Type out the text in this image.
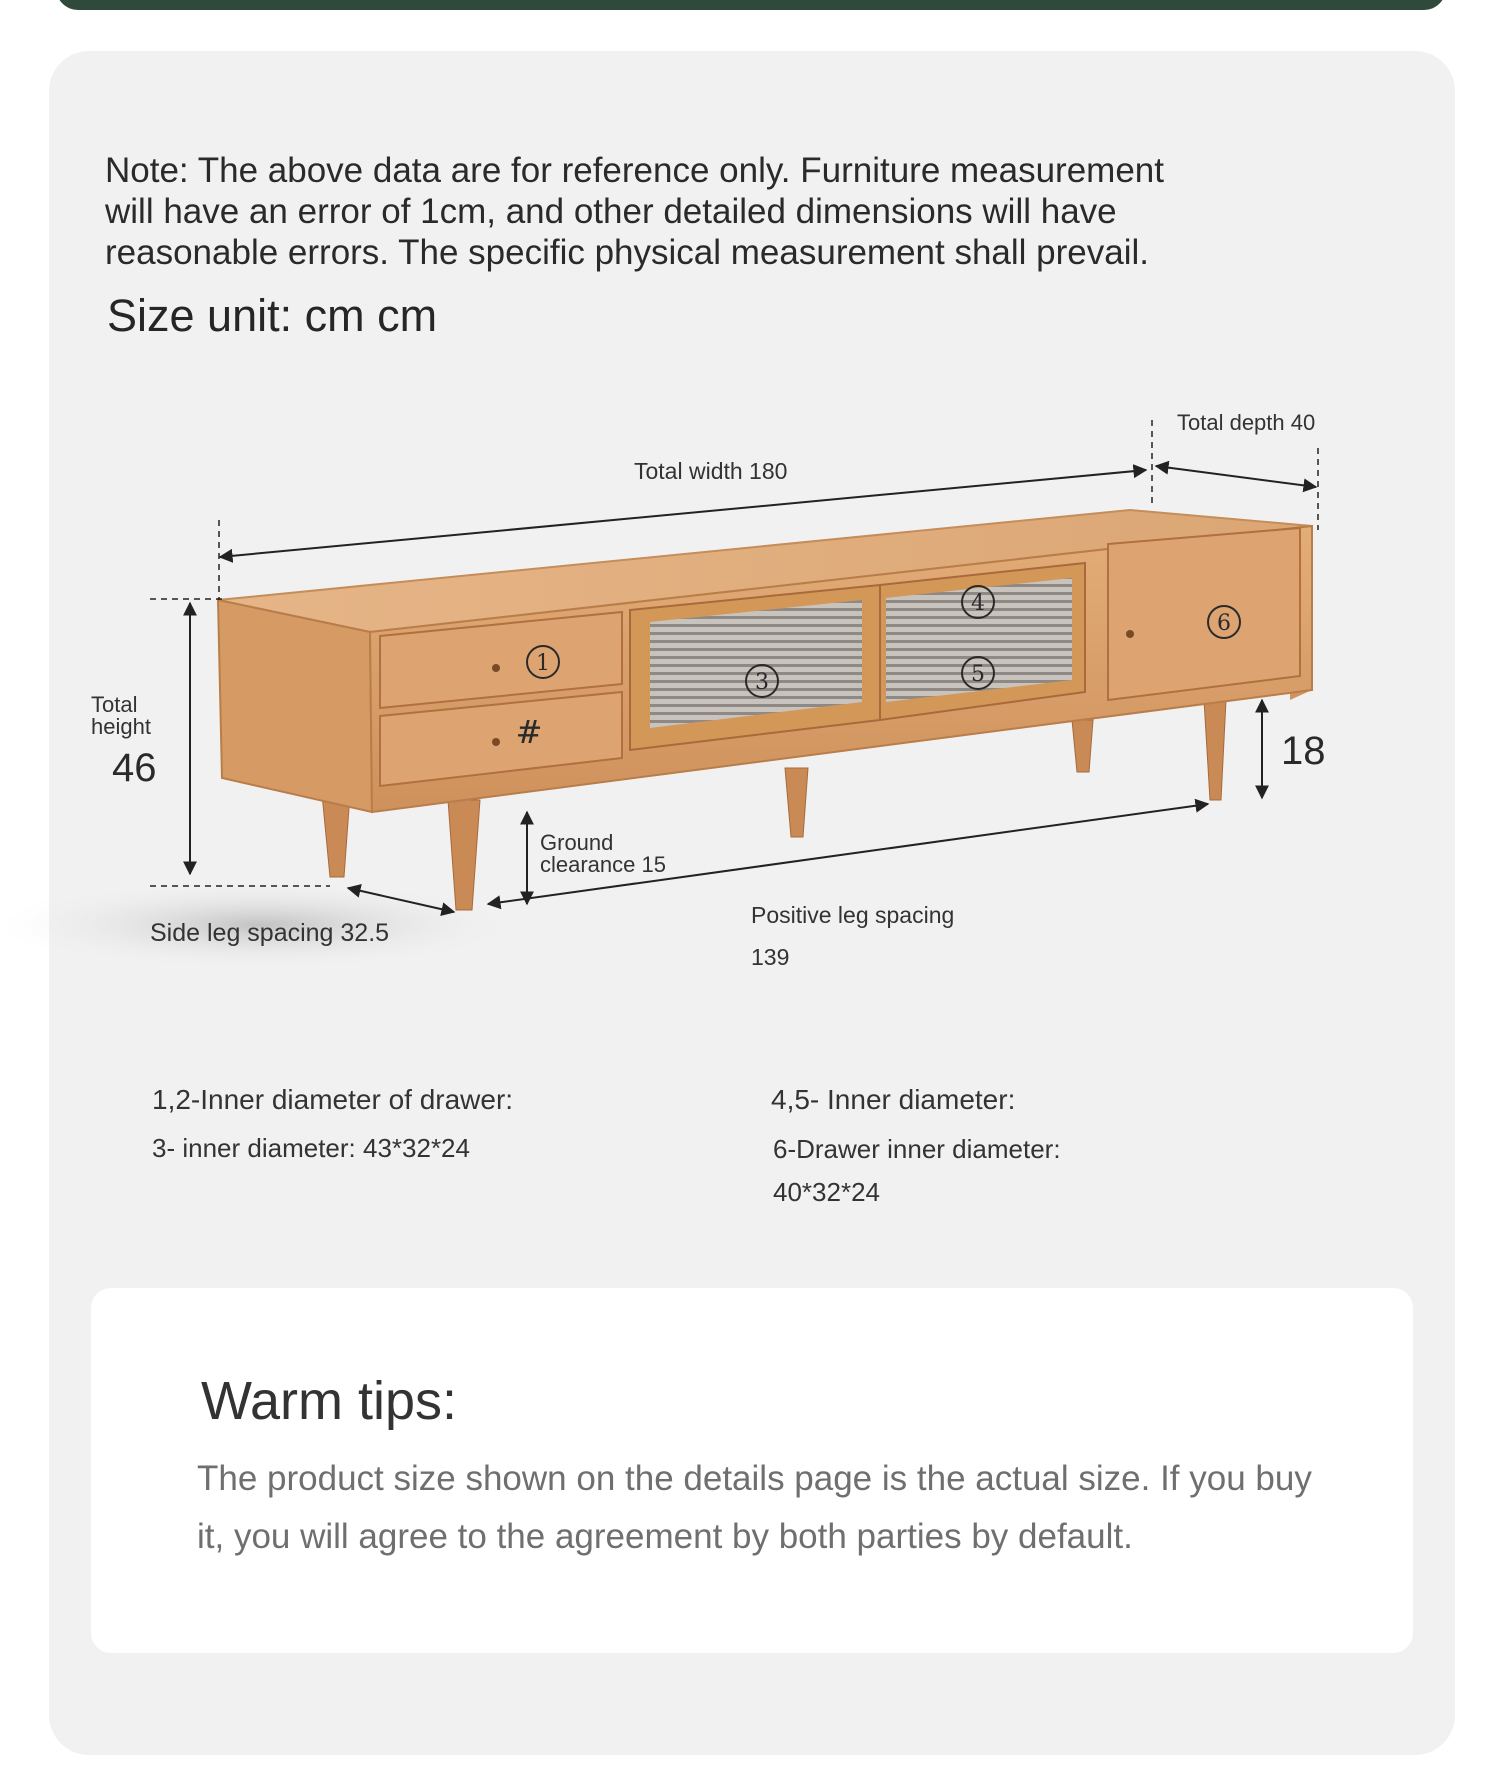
Note: The above data are for reference only. Furniture measurement will have an error of 1cm, and other detailed dimensions will have reasonable errors. The specific physical measurement shall prevail.

Size unit: cm cm

1
#
3
4
5
6
Total depth 40
Total width 180
Total
height
46	18
Ground
clearance 15
Side leg spacing 32.5
Positive leg spacing
139
1,2-Inner diameter of drawer:
3- inner diameter: 43*32*24
4,5- Inner diameter:
6-Drawer inner diameter:
40*32*24
Warm tips:

The product size shown on the details page is the actual size. If you buy it, you will agree to the agreement by both parties by default.
